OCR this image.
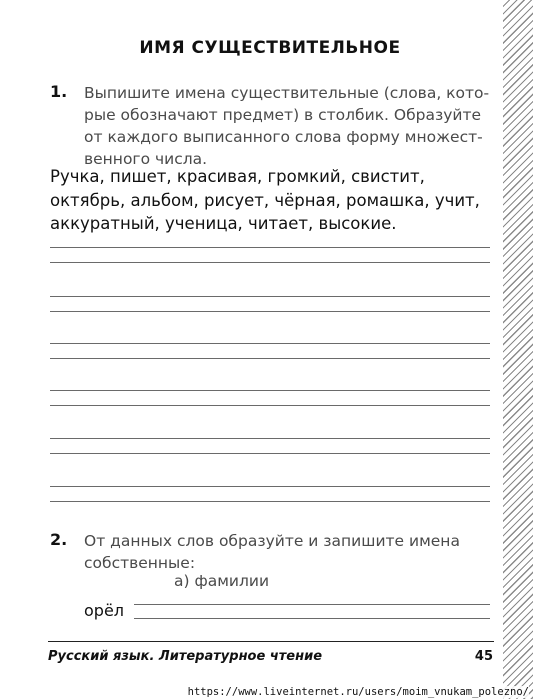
ИМЯ СУЩЕСТВИТЕЛЬНОЕ
1. Выпишите имена существительные (слова, кото-
рые обозначают предмет) в столбик. Образуйте
от каждого выписанного слова форму множест-
венного числа.
Ручка, пишет, красивая, громкий, свистит,
октябрь, альбом, рисует, чёрная, ромашка, учит,
аккуратный, ученица, читает, высокие.
2. От данных слов образуйте и запишите имена
собственные:
а) фамилии
орёл
Русский язык. Литературное чтение	45
https://www.liveinternet.ru/users/moim_vnukam_polezno/
